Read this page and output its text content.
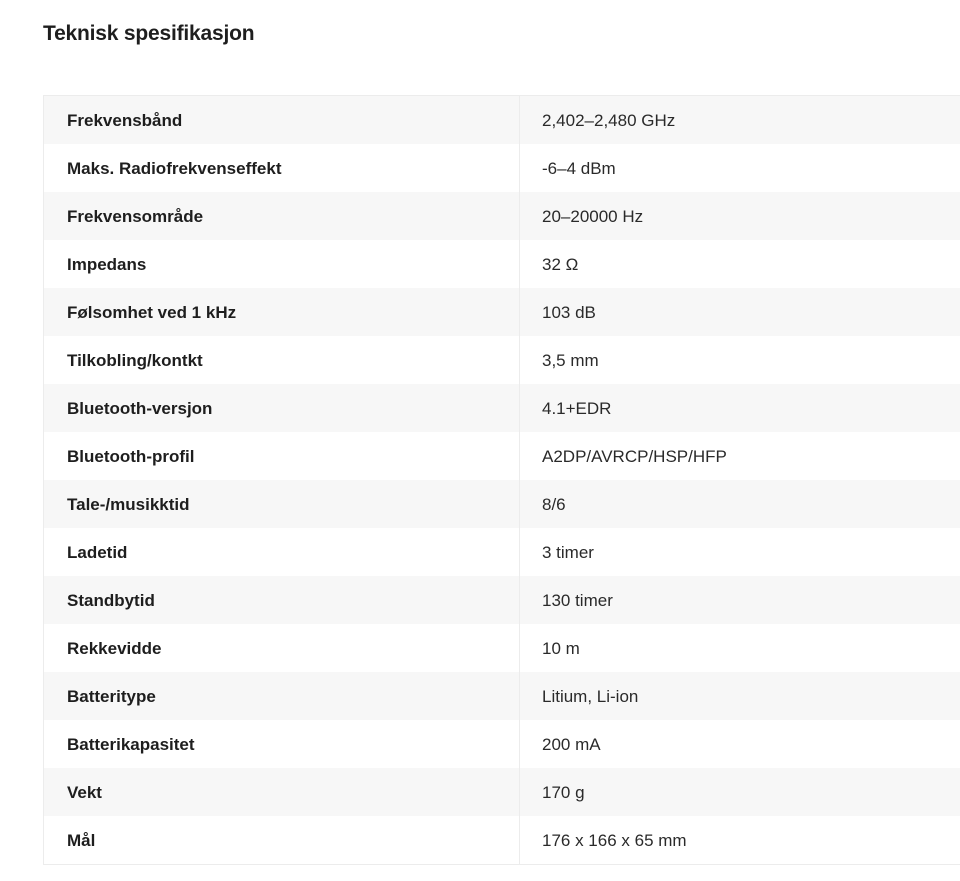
Teknisk spesifikasjon
Frekvensbånd	2,402–2,480 GHz
Maks. Radiofrekvenseffekt	-6–4 dBm
Frekvensområde	20–20000 Hz
Impedans	32 Ω
Følsomhet ved 1 kHz	103 dB
Tilkobling/kontkt	3,5 mm
Bluetooth-versjon	4.1+EDR
Bluetooth-profil	A2DP/AVRCP/HSP/HFP
Tale-/musikktid	8/6
Ladetid	3 timer
Standbytid	130 timer
Rekkevidde	10 m
Batteritype	Litium, Li-ion
Batterikapasitet	200 mA
Vekt	170 g
Mål	176 x 166 x 65 mm
